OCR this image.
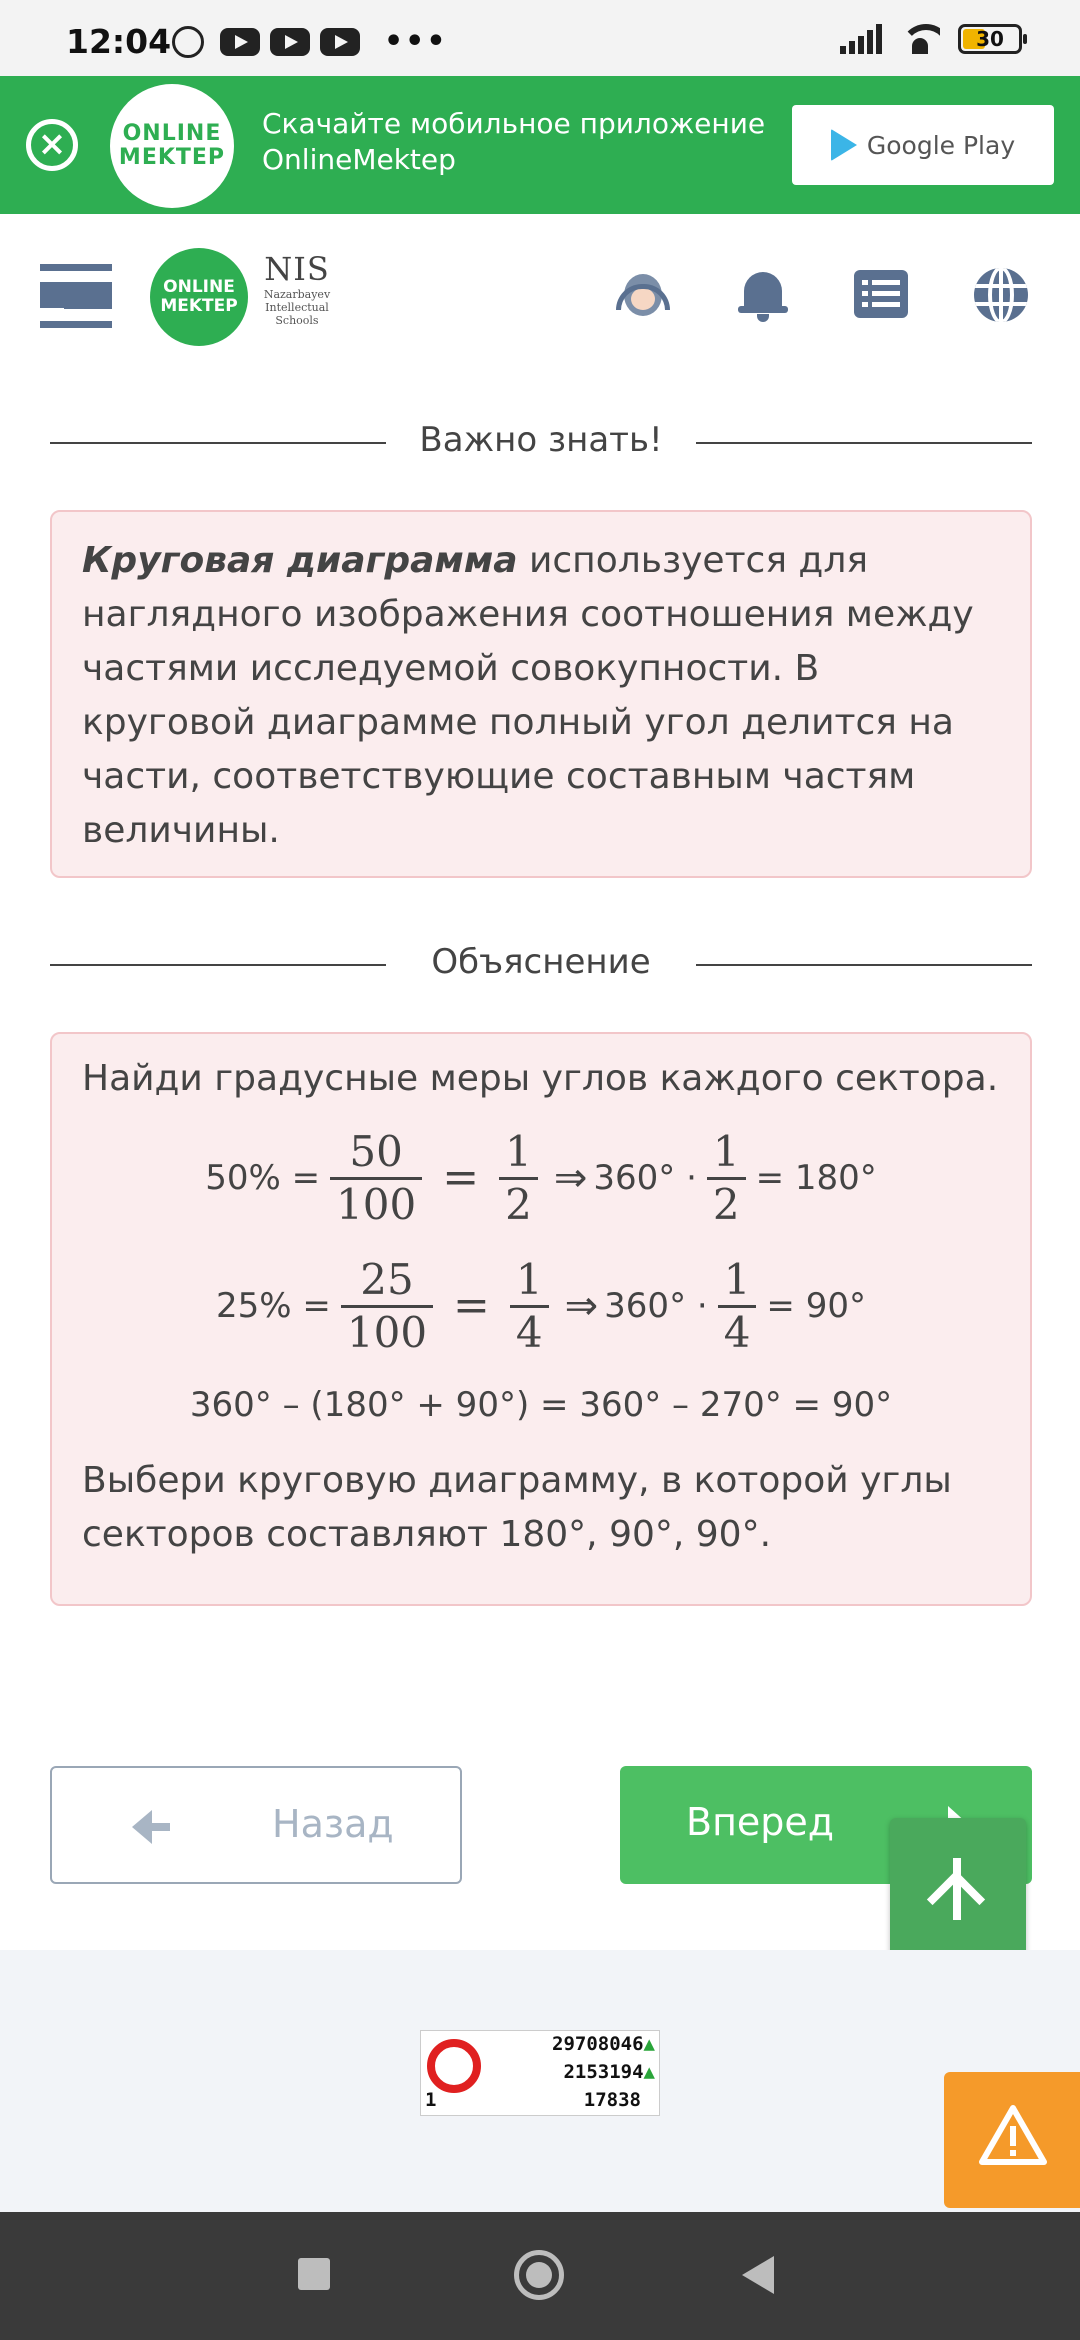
12:04	•••	30
×	ONLINE MEKTEP
Скачайте мобильное приложение OnlineMektep	Google Play
ONLINE MEKTEP
NIS
Nazarbayev Intellectual Schools
Важно знать!
Круговая диаграмма используется для наглядного изображения соотношения между частями исследуемой совокупности. В круговой диаграмме полный угол делится на части, соответствующие составным частям величины.
Объяснение
Найди градусные меры углов каждого сектора.
$50\% = \frac{50}{100} = \frac{1}{2}$ ⇒ $360^\circ \cdot \frac{1}{2} = 180^\circ$
$25\% = \frac{25}{100} = \frac{1}{4}$ ⇒ $360^\circ \cdot \frac{1}{4} = 90^\circ$
360° – (180° + 90°) = 360° – 270° = 90°
Выбери круговую диаграмму, в которой углы секторов составляют 180°, 90°, 90°.
Назад	Вперед
29708046▲
2153194▲
1	17838
